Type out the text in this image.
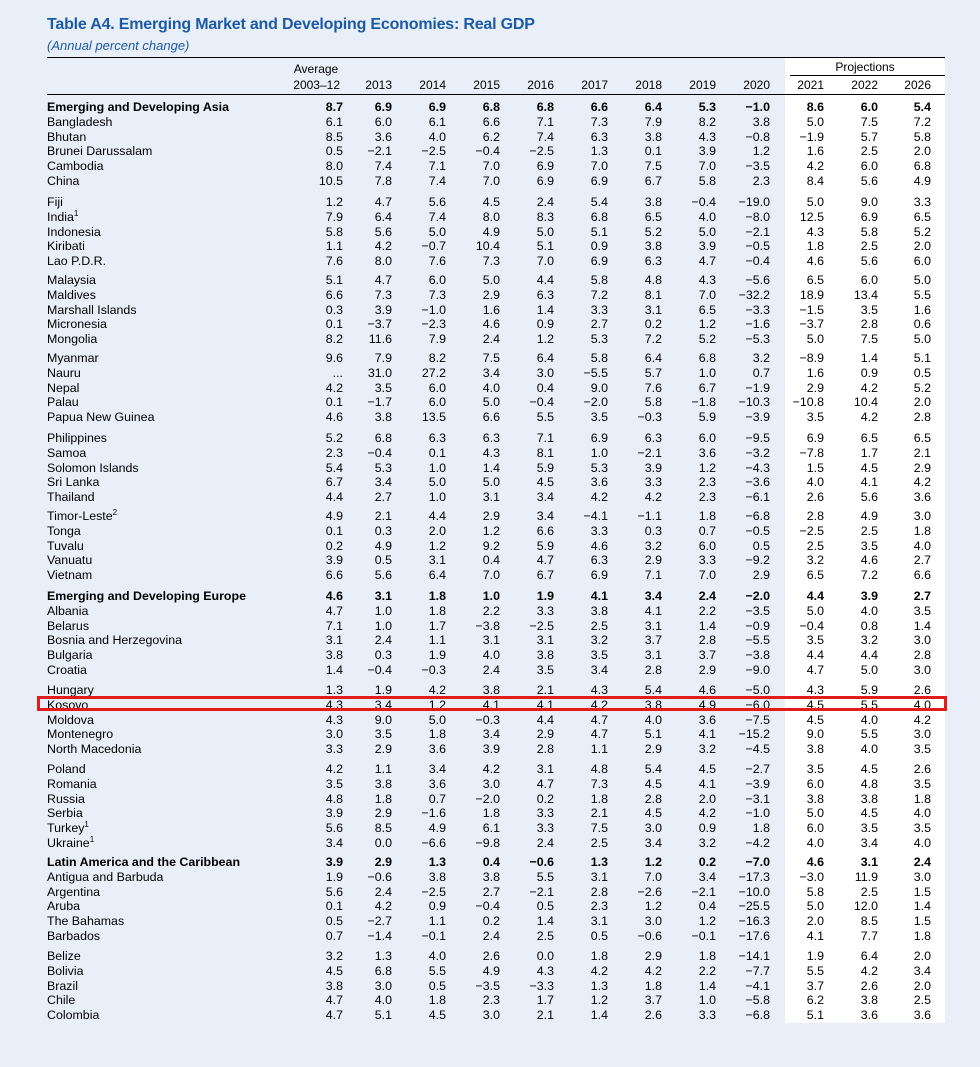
Table A4. Emerging Market and Developing Economies: Real GDP
(Annual percent change)
Projections
Average
2003–12	2013	2014	2015	2016	2017	2018	2019	2020	2021	2022	2026
Emerging and Developing Asia	8.7	6.9	6.9	6.8	6.8	6.6	6.4	5.3	−1.0	8.6	6.0	5.4
Bangladesh	6.1	6.0	6.1	6.6	7.1	7.3	7.9	8.2	3.8	5.0	7.5	7.2
Bhutan	8.5	3.6	4.0	6.2	7.4	6.3	3.8	4.3	−0.8	−1.9	5.7	5.8
Brunei Darussalam	0.5	−2.1	−2.5	−0.4	−2.5	1.3	0.1	3.9	1.2	1.6	2.5	2.0
Cambodia	8.0	7.4	7.1	7.0	6.9	7.0	7.5	7.0	−3.5	4.2	6.0	6.8
China	10.5	7.8	7.4	7.0	6.9	6.9	6.7	5.8	2.3	8.4	5.6	4.9
Fiji	1.2	4.7	5.6	4.5	2.4	5.4	3.8	−0.4	−19.0	5.0	9.0	3.3
India$^1$	7.9	6.4	7.4	8.0	8.3	6.8	6.5	4.0	−8.0	12.5	6.9	6.5
Indonesia	5.8	5.6	5.0	4.9	5.0	5.1	5.2	5.0	−2.1	4.3	5.8	5.2
Kiribati	1.1	4.2	−0.7	10.4	5.1	0.9	3.8	3.9	−0.5	1.8	2.5	2.0
Lao P.D.R.	7.6	8.0	7.6	7.3	7.0	6.9	6.3	4.7	−0.4	4.6	5.6	6.0
Malaysia	5.1	4.7	6.0	5.0	4.4	5.8	4.8	4.3	−5.6	6.5	6.0	5.0
Maldives	6.6	7.3	7.3	2.9	6.3	7.2	8.1	7.0	−32.2	18.9	13.4	5.5
Marshall Islands	0.3	3.9	−1.0	1.6	1.4	3.3	3.1	6.5	−3.3	−1.5	3.5	1.6
Micronesia	0.1	−3.7	−2.3	4.6	0.9	2.7	0.2	1.2	−1.6	−3.7	2.8	0.6
Mongolia	8.2	11.6	7.9	2.4	1.2	5.3	7.2	5.2	−5.3	5.0	7.5	5.0
Myanmar	9.6	7.9	8.2	7.5	6.4	5.8	6.4	6.8	3.2	−8.9	1.4	5.1
Nauru	...	31.0	27.2	3.4	3.0	−5.5	5.7	1.0	0.7	1.6	0.9	0.5
Nepal	4.2	3.5	6.0	4.0	0.4	9.0	7.6	6.7	−1.9	2.9	4.2	5.2
Palau	0.1	−1.7	6.0	5.0	−0.4	−2.0	5.8	−1.8	−10.3	−10.8	10.4	2.0
Papua New Guinea	4.6	3.8	13.5	6.6	5.5	3.5	−0.3	5.9	−3.9	3.5	4.2	2.8
Philippines	5.2	6.8	6.3	6.3	7.1	6.9	6.3	6.0	−9.5	6.9	6.5	6.5
Samoa	2.3	−0.4	0.1	4.3	8.1	1.0	−2.1	3.6	−3.2	−7.8	1.7	2.1
Solomon Islands	5.4	5.3	1.0	1.4	5.9	5.3	3.9	1.2	−4.3	1.5	4.5	2.9
Sri Lanka	6.7	3.4	5.0	5.0	4.5	3.6	3.3	2.3	−3.6	4.0	4.1	4.2
Thailand	4.4	2.7	1.0	3.1	3.4	4.2	4.2	2.3	−6.1	2.6	5.6	3.6
Timor-Leste$^2$	4.9	2.1	4.4	2.9	3.4	−4.1	−1.1	1.8	−6.8	2.8	4.9	3.0
Tonga	0.1	0.3	2.0	1.2	6.6	3.3	0.3	0.7	−0.5	−2.5	2.5	1.8
Tuvalu	0.2	4.9	1.2	9.2	5.9	4.6	3.2	6.0	0.5	2.5	3.5	4.0
Vanuatu	3.9	0.5	3.1	0.4	4.7	6.3	2.9	3.3	−9.2	3.2	4.6	2.7
Vietnam	6.6	5.6	6.4	7.0	6.7	6.9	7.1	7.0	2.9	6.5	7.2	6.6
Emerging and Developing Europe	4.6	3.1	1.8	1.0	1.9	4.1	3.4	2.4	−2.0	4.4	3.9	2.7
Albania	4.7	1.0	1.8	2.2	3.3	3.8	4.1	2.2	−3.5	5.0	4.0	3.5
Belarus	7.1	1.0	1.7	−3.8	−2.5	2.5	3.1	1.4	−0.9	−0.4	0.8	1.4
Bosnia and Herzegovina	3.1	2.4	1.1	3.1	3.1	3.2	3.7	2.8	−5.5	3.5	3.2	3.0
Bulgaria	3.8	0.3	1.9	4.0	3.8	3.5	3.1	3.7	−3.8	4.4	4.4	2.8
Croatia	1.4	−0.4	−0.3	2.4	3.5	3.4	2.8	2.9	−9.0	4.7	5.0	3.0
Hungary	1.3	1.9	4.2	3.8	2.1	4.3	5.4	4.6	−5.0	4.3	5.9	2.6
Kosovo	4.3	3.4	1.2	4.1	4.1	4.2	3.8	4.9	−6.0	4.5	5.5	4.0
Moldova	4.3	9.0	5.0	−0.3	4.4	4.7	4.0	3.6	−7.5	4.5	4.0	4.2
Montenegro	3.0	3.5	1.8	3.4	2.9	4.7	5.1	4.1	−15.2	9.0	5.5	3.0
North Macedonia	3.3	2.9	3.6	3.9	2.8	1.1	2.9	3.2	−4.5	3.8	4.0	3.5
Poland	4.2	1.1	3.4	4.2	3.1	4.8	5.4	4.5	−2.7	3.5	4.5	2.6
Romania	3.5	3.8	3.6	3.0	4.7	7.3	4.5	4.1	−3.9	6.0	4.8	3.5
Russia	4.8	1.8	0.7	−2.0	0.2	1.8	2.8	2.0	−3.1	3.8	3.8	1.8
Serbia	3.9	2.9	−1.6	1.8	3.3	2.1	4.5	4.2	−1.0	5.0	4.5	4.0
Turkey$^1$	5.6	8.5	4.9	6.1	3.3	7.5	3.0	0.9	1.8	6.0	3.5	3.5
Ukraine$^1$	3.4	0.0	−6.6	−9.8	2.4	2.5	3.4	3.2	−4.2	4.0	3.4	4.0
Latin America and the Caribbean	3.9	2.9	1.3	0.4	−0.6	1.3	1.2	0.2	−7.0	4.6	3.1	2.4
Antigua and Barbuda	1.9	−0.6	3.8	3.8	5.5	3.1	7.0	3.4	−17.3	−3.0	11.9	3.0
Argentina	5.6	2.4	−2.5	2.7	−2.1	2.8	−2.6	−2.1	−10.0	5.8	2.5	1.5
Aruba	0.1	4.2	0.9	−0.4	0.5	2.3	1.2	0.4	−25.5	5.0	12.0	1.4
The Bahamas	0.5	−2.7	1.1	0.2	1.4	3.1	3.0	1.2	−16.3	2.0	8.5	1.5
Barbados	0.7	−1.4	−0.1	2.4	2.5	0.5	−0.6	−0.1	−17.6	4.1	7.7	1.8
Belize	3.2	1.3	4.0	2.6	0.0	1.8	2.9	1.8	−14.1	1.9	6.4	2.0
Bolivia	4.5	6.8	5.5	4.9	4.3	4.2	4.2	2.2	−7.7	5.5	4.2	3.4
Brazil	3.8	3.0	0.5	−3.5	−3.3	1.3	1.8	1.4	−4.1	3.7	2.6	2.0
Chile	4.7	4.0	1.8	2.3	1.7	1.2	3.7	1.0	−5.8	6.2	3.8	2.5
Colombia	4.7	5.1	4.5	3.0	2.1	1.4	2.6	3.3	−6.8	5.1	3.6	3.6
